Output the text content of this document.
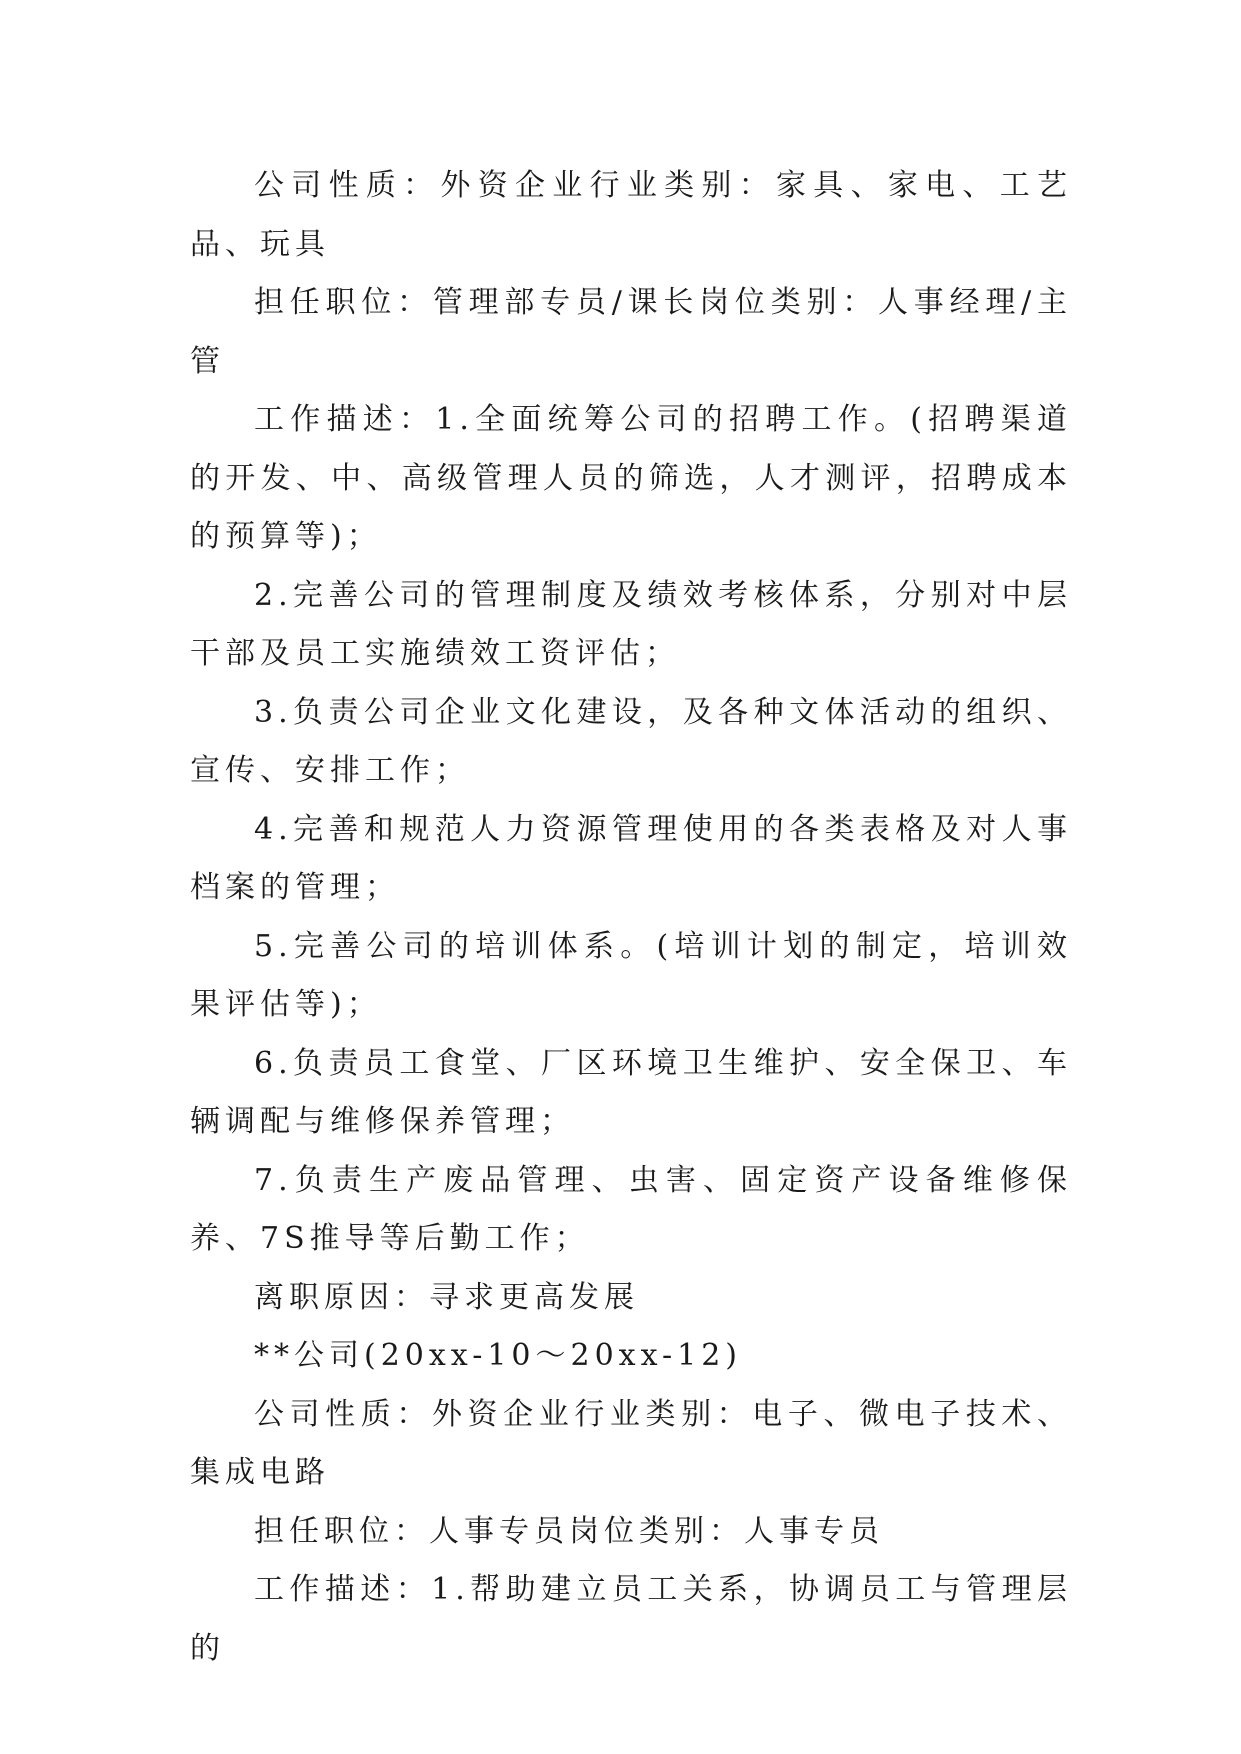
公司性质：外资企业行业类别：家具、家电、工艺品、玩具

担任职位：管理部专员/课长岗位类别：人事经理/主管

工作描述：1.全面统筹公司的招聘工作。(招聘渠道的开发、中、高级管理人员的筛选，人才测评，招聘成本的预算等)；

2.完善公司的管理制度及绩效考核体系，分别对中层干部及员工实施绩效工资评估；

3.负责公司企业文化建设，及各种文体活动的组织、宣传、安排工作；

4.完善和规范人力资源管理使用的各类表格及对人事档案的管理；

5.完善公司的培训体系。(培训计划的制定，培训效果评估等)；

6.负责员工食堂、厂区环境卫生维护、安全保卫、车辆调配与维修保养管理；

7.负责生产废品管理、虫害、固定资产设备维修保养、7S推导等后勤工作；

离职原因：寻求更高发展

**公司(20xx-10～20xx-12)

公司性质：外资企业行业类别：电子、微电子技术、集成电路

担任职位：人事专员岗位类别：人事专员

工作描述：1.帮助建立员工关系，协调员工与管理层的
